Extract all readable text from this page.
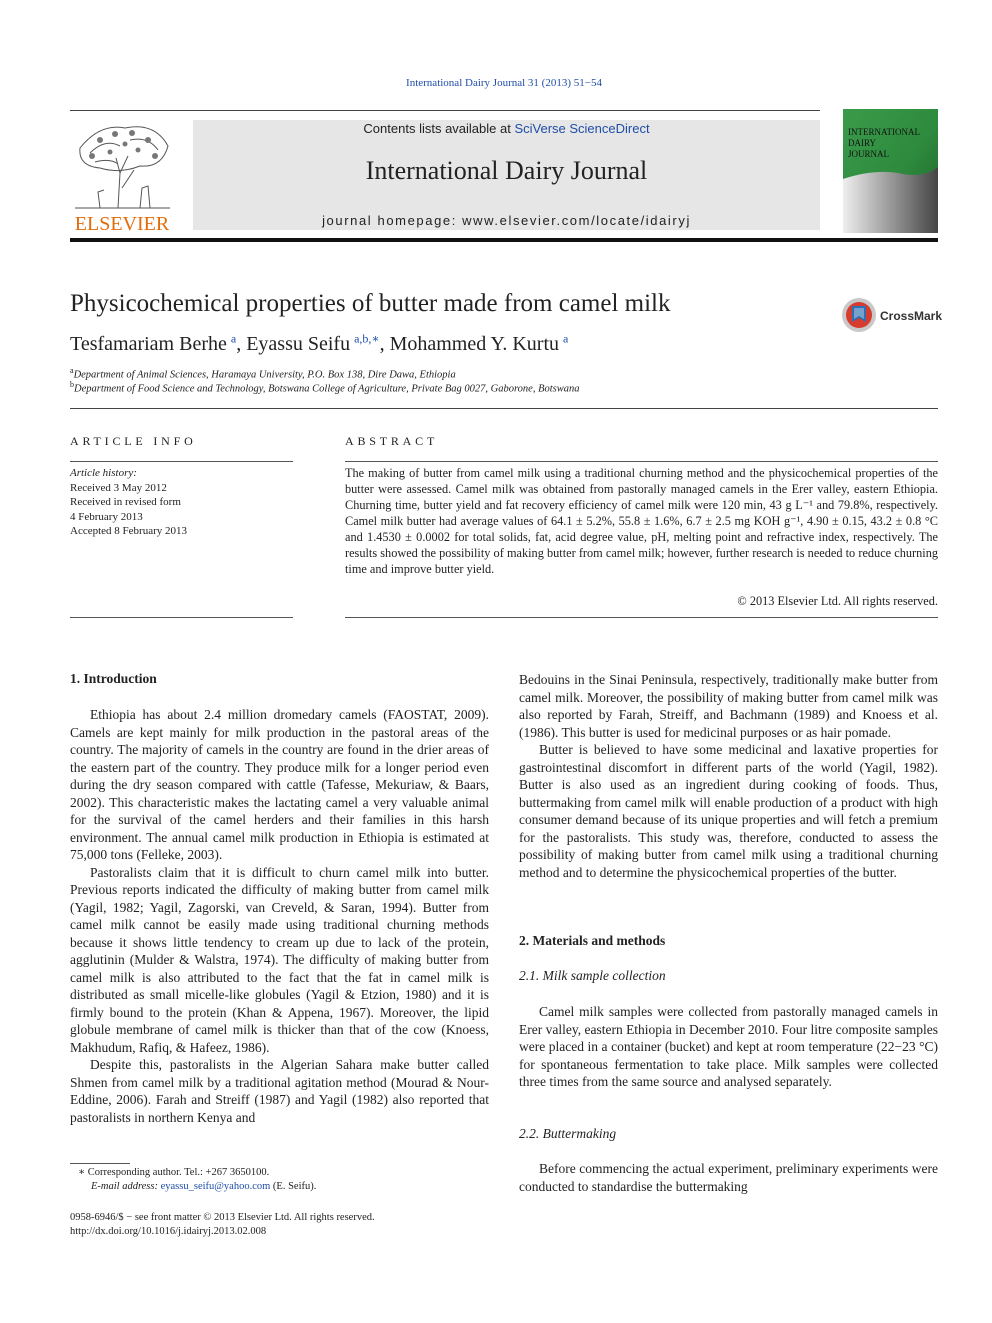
International Dairy Journal 31 (2013) 51−54
ELSEVIER
Contents lists available at SciVerse ScienceDirect
International Dairy Journal
journal homepage: www.elsevier.com/locate/idairyj
INTERNATIONAL
DAIRY
JOURNAL
Physicochemical properties of butter made from camel milk	CrossMark
Tesfamariam Berhe  $^a$, Eyassu Seifu  $^{a,b,∗}$, Mohammed Y. Kurtu  $^a$
$^a$Department of Animal Sciences, Haramaya University, P.O. Box 138, Dire Dawa, Ethiopia
$^b$Department of Food Science and Technology, Botswana College of Agriculture, Private Bag 0027, Gaborone, Botswana
ARTICLE INFO
Article history:
Received 3 May 2012
Received in revised form
4 February 2013
Accepted 8 February 2013
ABSTRACT
The making of butter from camel milk using a traditional churning method and the physicochemical properties of the butter were assessed. Camel milk was obtained from pastorally managed camels in the Erer valley, eastern Ethiopia. Churning time, butter yield and fat recovery efficiency of camel milk were 120 min, 43 g L⁻¹ and 79.8%, respectively. Camel milk butter had average values of 64.1 ± 5.2%, 55.8 ± 1.6%, 6.7 ± 2.5 mg KOH g⁻¹, 4.90 ± 0.15, 43.2 ± 0.8 °C and 1.4530 ± 0.0002 for total solids, fat, acid degree value, pH, melting point and refractive index, respectively. The results showed the possibility of making butter from camel milk; however, further research is needed to reduce churning time and improve butter yield.
© 2013 Elsevier Ltd. All rights reserved.
1. Introduction

Ethiopia has about 2.4 million dromedary camels (FAOSTAT, 2009). Camels are kept mainly for milk production in the pastoral areas of the country. The majority of camels in the country are found in the drier areas of the eastern part of the country. They produce milk for a longer period even during the dry season compared with cattle (Tafesse, Mekuriaw, & Baars, 2002). This characteristic makes the lactating camel a very valuable animal for the survival of the camel herders and their families in this harsh environment. The annual camel milk production in Ethiopia is estimated at 75,000 tons (Felleke, 2003).

Pastoralists claim that it is difficult to churn camel milk into butter. Previous reports indicated the difficulty of making butter from camel milk (Yagil, 1982; Yagil, Zagorski, van Creveld, & Saran, 1994). Butter from camel milk cannot be easily made using traditional churning methods because it shows little tendency to cream up due to lack of the protein, agglutinin (Mulder & Walstra, 1974). The difficulty of making butter from camel milk is also attributed to the fact that the fat in camel milk is distributed as small micelle-like globules (Yagil & Etzion, 1980) and it is firmly bound to the protein (Khan & Appena, 1967). Moreover, the lipid globule membrane of camel milk is thicker than that of the cow (Knoess, Makhudum, Rafiq, & Hafeez, 1986).

Despite this, pastoralists in the Algerian Sahara make butter called Shmen from camel milk by a traditional agitation method (Mourad & Nour-Eddine, 2006). Farah and Streiff (1987) and Yagil (1982) also reported that pastoralists in northern Kenya and

Bedouins in the Sinai Peninsula, respectively, traditionally make butter from camel milk. Moreover, the possibility of making butter from camel milk was also reported by Farah, Streiff, and Bachmann (1989) and Knoess et al. (1986). This butter is used for medicinal purposes or as hair pomade.

Butter is believed to have some medicinal and laxative properties for gastrointestinal discomfort in different parts of the world (Yagil, 1982). Butter is also used as an ingredient during cooking of foods. Thus, buttermaking from camel milk will enable production of a product with high consumer demand because of its unique properties and will fetch a premium for the pastoralists. This study was, therefore, conducted to assess the possibility of making butter from camel milk using a traditional churning method and to determine the physicochemical properties of the butter.

2. Materials and methods
2.1. Milk sample collection

Camel milk samples were collected from pastorally managed camels in Erer valley, eastern Ethiopia in December 2010. Four litre composite samples were placed in a container (bucket) and kept at room temperature (22−23 °C) for spontaneous fermentation to take place. Milk samples were collected three times from the same source and analysed separately.

2.2. Buttermaking

Before commencing the actual experiment, preliminary experiments were conducted to standardise the buttermaking

∗ Corresponding author. Tel.: +267 3650100.
E-mail address: eyassu_seifu@yahoo.com (E. Seifu).
0958-6946/$ − see front matter © 2013 Elsevier Ltd. All rights reserved.
http://dx.doi.org/10.1016/j.idairyj.2013.02.008
